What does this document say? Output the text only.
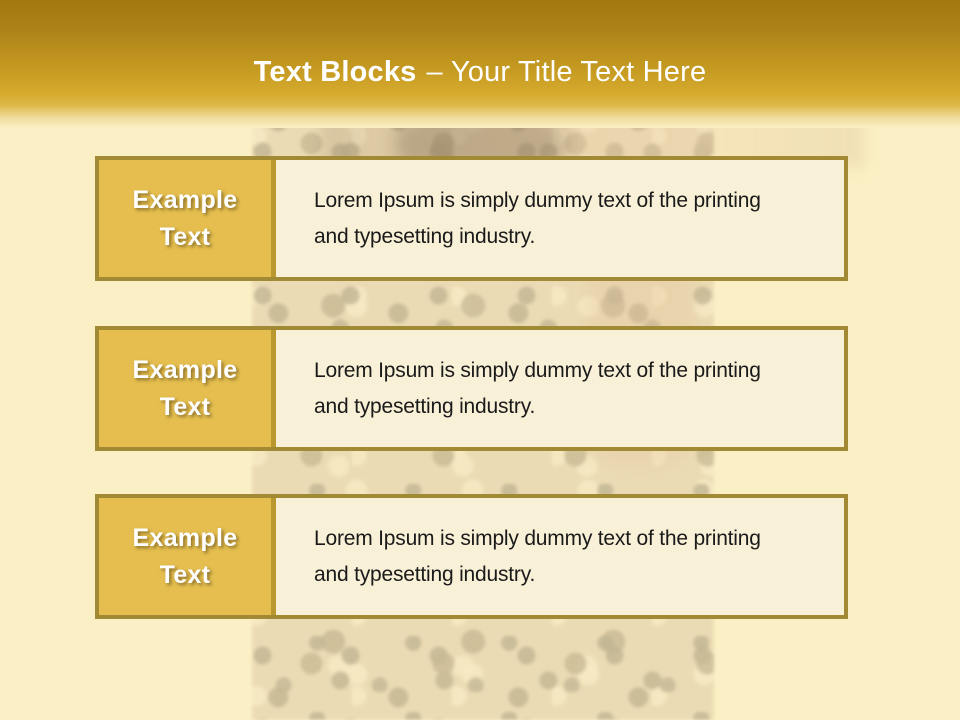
Text Blocks – Your Title Text Here
Example
Text
Lorem Ipsum is simply dummy text of the printing and typesetting industry.
Example
Text
Lorem Ipsum is simply dummy text of the printing and typesetting industry.
Example
Text
Lorem Ipsum is simply dummy text of the printing and typesetting industry.
